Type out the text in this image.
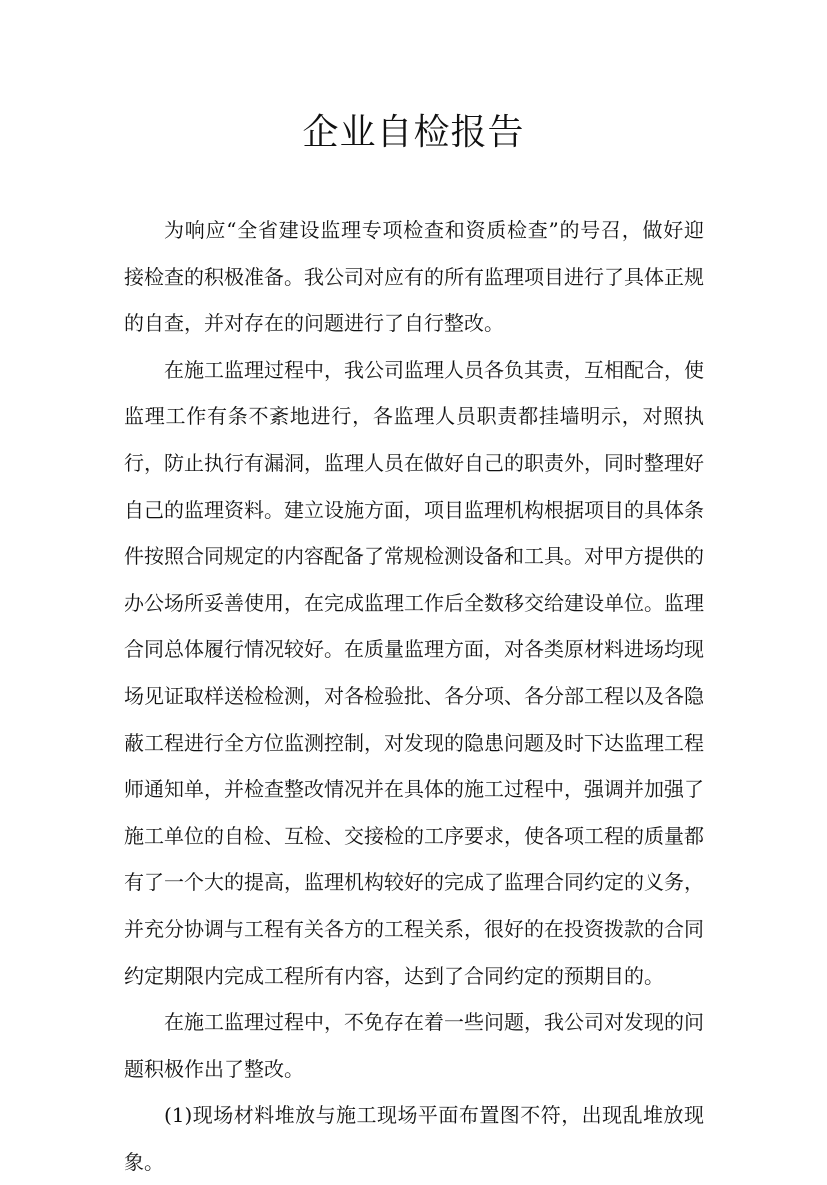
企业自检报告

为响应“全省建设监理专项检查和资质检查”的号召，做好迎接检查的积极准备。我公司对应有的所有监理项目进行了具体正规的自查，并对存在的问题进行了自行整改。

在施工监理过程中，我公司监理人员各负其责，互相配合，使监理工作有条不紊地进行，各监理人员职责都挂墙明示，对照执行，防止执行有漏洞，监理人员在做好自己的职责外，同时整理好自己的监理资料。建立设施方面，项目监理机构根据项目的具体条件按照合同规定的内容配备了常规检测设备和工具。对甲方提供的办公场所妥善使用，在完成监理工作后全数移交给建设单位。监理合同总体履行情况较好。在质量监理方面，对各类原材料进场均现场见证取样送检检测，对各检验批、各分项、各分部工程以及各隐蔽工程进行全方位监测控制，对发现的隐患问题及时下达监理工程师通知单，并检查整改情况并在具体的施工过程中，强调并加强了施工单位的自检、互检、交接检的工序要求，使各项工程的质量都有了一个大的提高，监理机构较好的完成了监理合同约定的义务，并充分协调与工程有关各方的工程关系，很好的在投资拨款的合同约定期限内完成工程所有内容，达到了合同约定的预期目的。

在施工监理过程中，不免存在着一些问题，我公司对发现的问题积极作出了整改。

(1)现场材料堆放与施工现场平面布置图不符，出现乱堆放现象。
